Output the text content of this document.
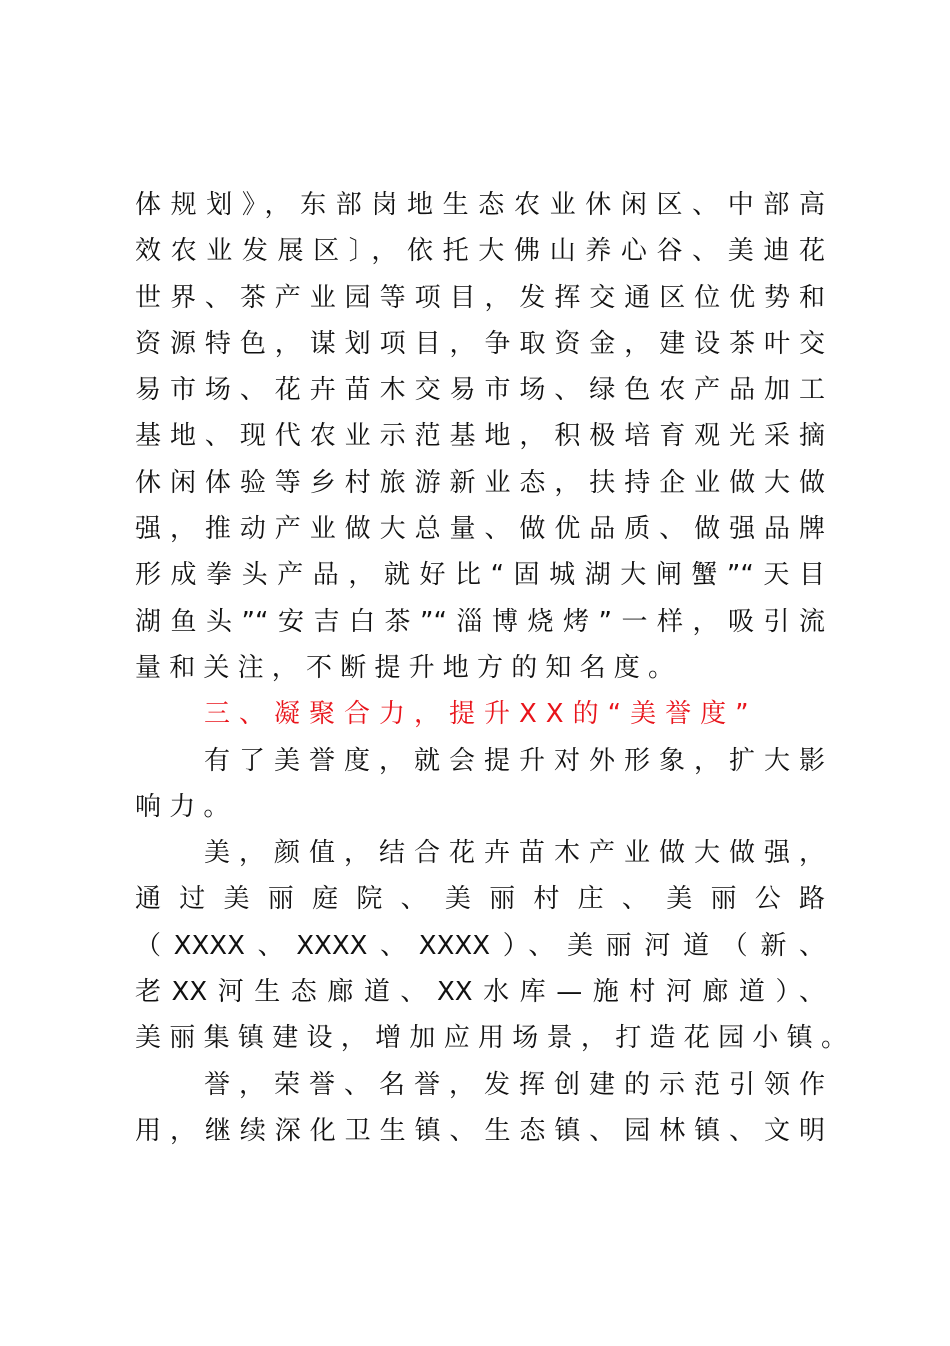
体规划》，东部岗地生态农业休闲区、中部高
效农业发展区〕，依托大佛山养心谷、美迪花
世界、茶产业园等项目，发挥交通区位优势和
资源特色，谋划项目，争取资金，建设茶叶交
易市场、花卉苗木交易市场、绿色农产品加工
基地、现代农业示范基地，积极培育观光采摘
休闲体验等乡村旅游新业态，扶持企业做大做
强，推动产业做大总量、做优品质、做强品牌
形成拳头产品，就好比“固城湖大闸蟹”“天目
湖鱼头”“安吉白茶”“淄博烧烤”一样，吸引流
量和关注，不断提升地方的知名度。
三、凝聚合力，提升XX的“美誉度”
有了美誉度，就会提升对外形象，扩大影
响力。
美，颜值，结合花卉苗木产业做大做强，
通过美丽庭院、美丽村庄、美丽公路
（XXXX、XXXX、XXXX）、美丽河道（新、
老XX河生态廊道、XX水库—施村河廊道）、
美丽集镇建设，增加应用场景，打造花园小镇。
誉，荣誉、名誉，发挥创建的示范引领作
用，继续深化卫生镇、生态镇、园林镇、文明
